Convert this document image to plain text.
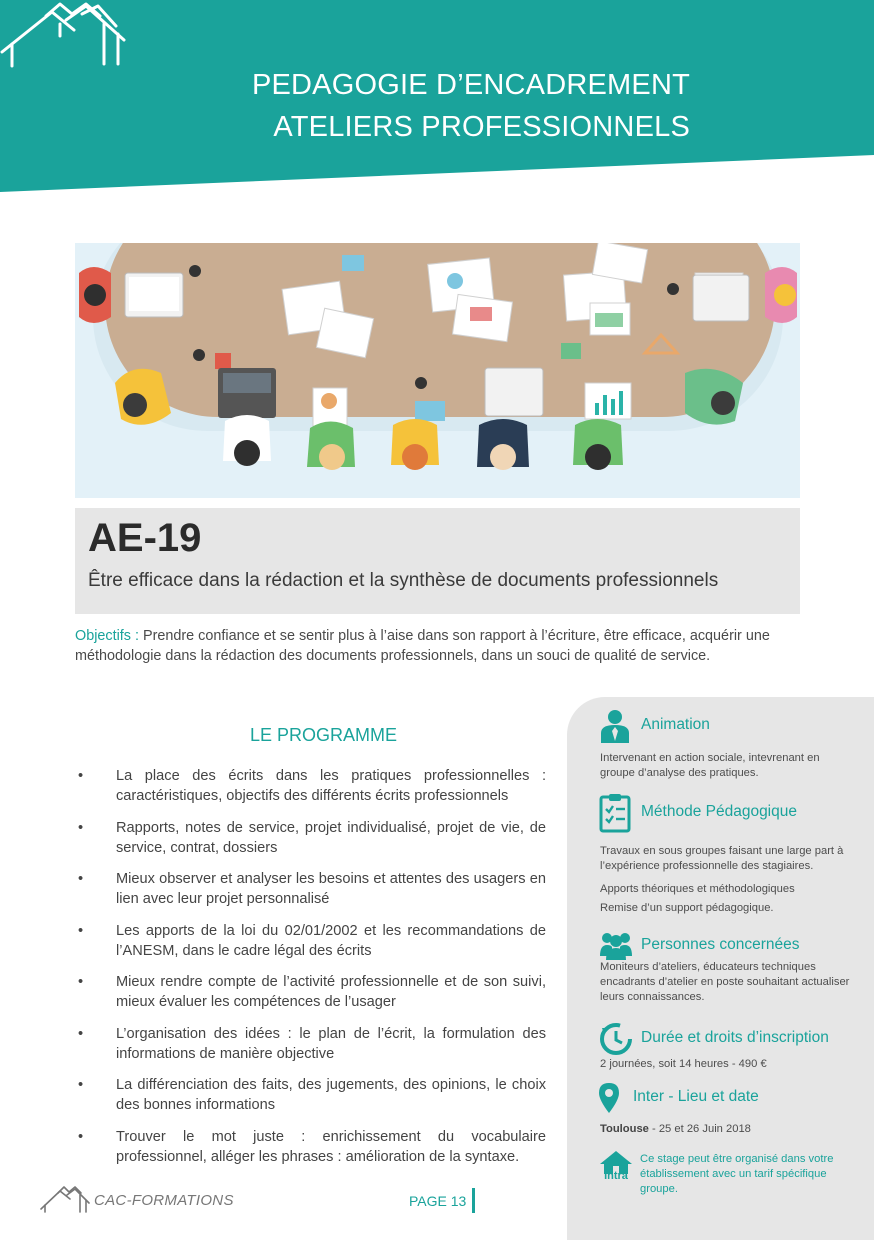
PEDAGOGIE D’ENCADREMENT
ATELIERS PROFESSIONNELS
AE-19
Être efficace dans la rédaction et la synthèse de documents professionnels
Objectifs : Prendre confiance et se sentir plus à l’aise dans son rapport à l’écriture, être efficace, acquérir une méthodologie dans la rédaction des documents professionnels, dans un souci de qualité de service.
LE PROGRAMME
• La place des écrits dans les pratiques professionnelles : caractéristiques, objectifs des différents écrits professionnels
• Rapports, notes de service, projet individualisé, projet de vie, de service, contrat, dossiers
• Mieux observer et analyser les besoins et attentes des usagers en lien avec leur projet personnalisé
• Les apports de la loi du 02/01/2002 et les recommandations de l’ANESM, dans le cadre légal des écrits
• Mieux rendre compte de l’activité professionnelle et de son suivi, mieux évaluer les compétences de l’usager
• L’organisation des idées : le plan de l’écrit, la formulation des informations de manière objective
• La différenciation des faits, des jugements, des opinions, le choix des bonnes informations
• Trouver le mot juste : enrichissement du vocabulaire professionnel, alléger les phrases : amélioration de la syntaxe.
Animation
Intervenant en action sociale, intevrenant en groupe d’analyse des pratiques.
Méthode Pédagogique
Travaux en sous groupes faisant une large part à l’expérience professionnelle des stagiaires.
Apports théoriques et méthodologiques
Remise d’un support pédagogique.
Personnes concernées
Moniteurs d’ateliers, éducateurs techniques encadrants d’atelier en poste souhaitant actualiser leurs connaissances.
Durée et droits d’inscription
2 journées, soit 14 heures - 490 €
Inter - Lieu et date
Toulouse - 25 et 26 Juin 2018
Intra
Ce stage peut être organisé dans votre établissement avec un tarif spécifique groupe.
CAC-FORMATIONS	PAGE 13
